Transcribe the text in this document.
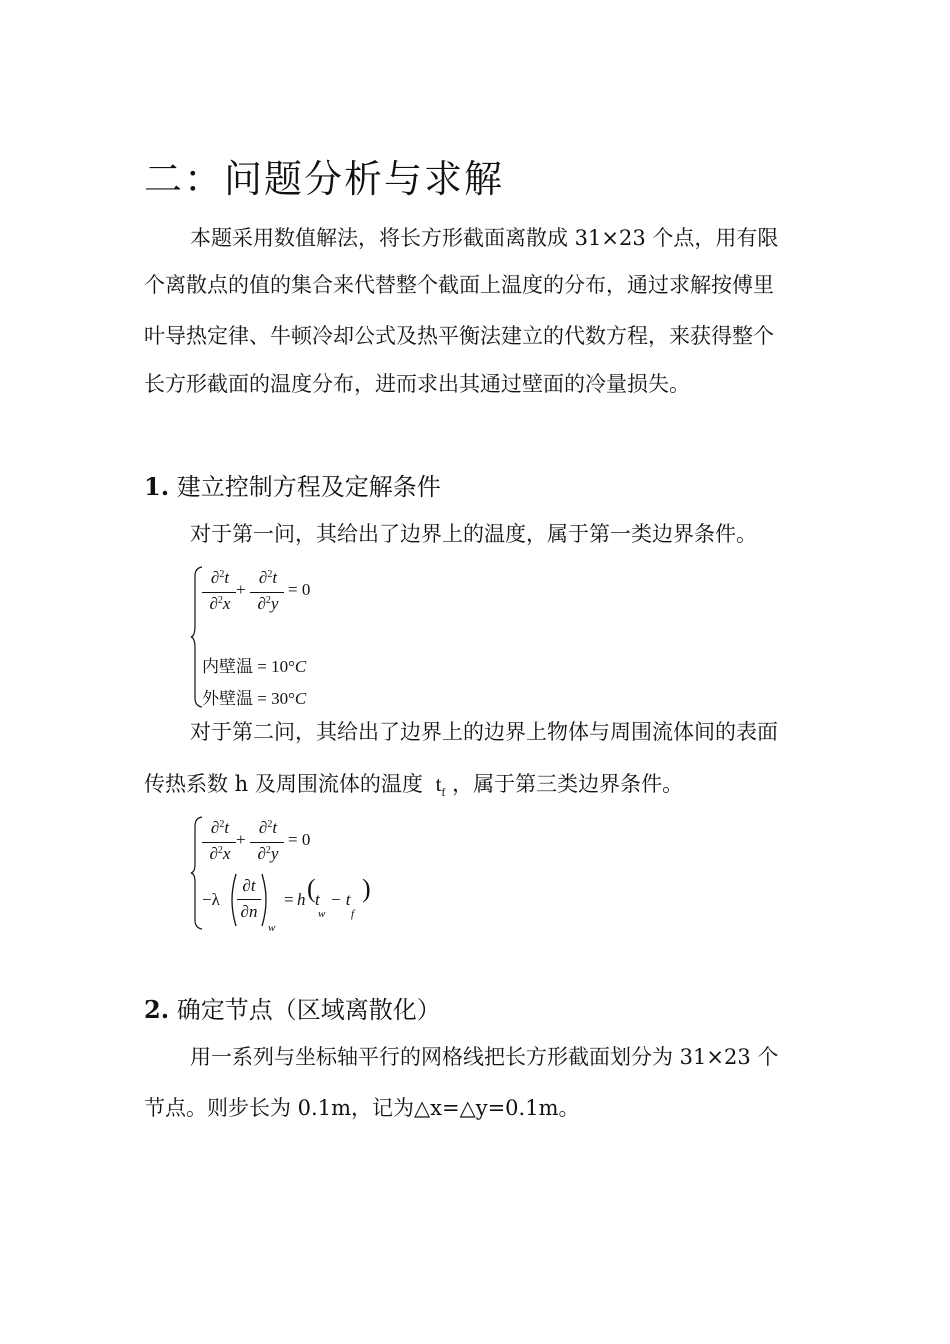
二：问题分析与求解
本题采用数值解法，将长方形截面离散成 31×23 个点，用有限
个离散点的值的集合来代替整个截面上温度的分布，通过求解按傅里
叶导热定律、牛顿冷却公式及热平衡法建立的代数方程，来获得整个
长方形截面的温度分布，进而求出其通过壁面的冷量损失。
1. 建立控制方程及定解条件
对于第一问，其给出了边界上的温度，属于第一类边界条件。
∂$^2$t
∂$^2$x
+
∂$^2$t
∂$^2$y
= 0
内壁温 = 10°C
外壁温 = 30°C
对于第二问，其给出了边界上的边界上物体与周围流体间的表面
传热系数 h 及周围流体的温度 $t_f$ ，属于第三类边界条件。
∂$^2$t
∂$^2$x
+
∂$^2$t
∂$^2$y
= 0
−λ
∂t
∂n
w
= h ( t
w
− t
f
)
2. 确定节点（区域离散化）
用一系列与坐标轴平行的网格线把长方形截面划分为 31×23 个
节点。则步长为 0.1m，记为△x=△y=0.1m。
